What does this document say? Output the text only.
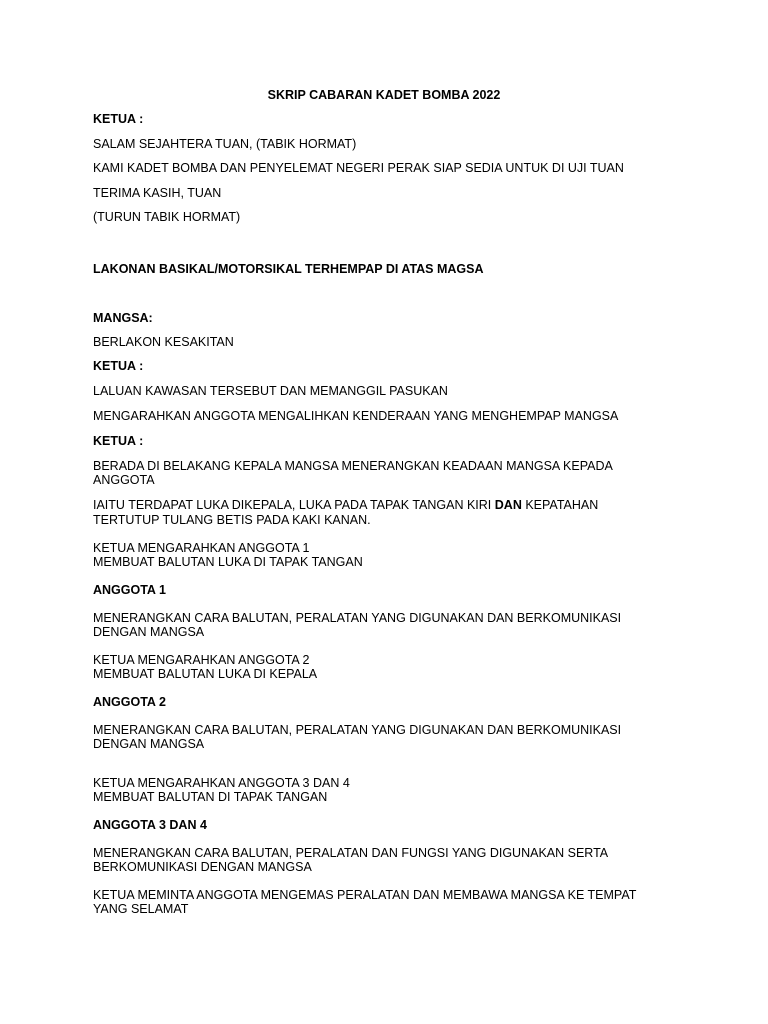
SKRIP CABARAN KADET BOMBA 2022
KETUA :
SALAM SEJAHTERA TUAN, (TABIK HORMAT)
KAMI KADET BOMBA DAN PENYELEMAT NEGERI PERAK SIAP SEDIA UNTUK DI UJI TUAN
TERIMA KASIH, TUAN
(TURUN TABIK HORMAT)
LAKONAN BASIKAL/MOTORSIKAL TERHEMPAP DI ATAS MAGSA
MANGSA:
BERLAKON KESAKITAN
KETUA :
LALUAN KAWASAN TERSEBUT DAN MEMANGGIL PASUKAN
MENGARAHKAN ANGGOTA MENGALIHKAN KENDERAAN YANG MENGHEMPAP MANGSA
KETUA :
BERADA DI BELAKANG KEPALA MANGSA MENERANGKAN KEADAAN MANGSA KEPADA
ANGGOTA
IAITU TERDAPAT LUKA DIKEPALA, LUKA PADA TAPAK TANGAN KIRI DAN KEPATAHAN
TERTUTUP TULANG BETIS PADA KAKI KANAN.
KETUA MENGARAHKAN ANGGOTA 1
MEMBUAT BALUTAN LUKA DI TAPAK TANGAN
ANGGOTA 1
MENERANGKAN CARA BALUTAN, PERALATAN YANG DIGUNAKAN DAN BERKOMUNIKASI
DENGAN MANGSA
KETUA MENGARAHKAN ANGGOTA 2
MEMBUAT BALUTAN LUKA DI KEPALA
ANGGOTA 2
MENERANGKAN CARA BALUTAN, PERALATAN YANG DIGUNAKAN DAN BERKOMUNIKASI
DENGAN MANGSA
KETUA MENGARAHKAN ANGGOTA 3 DAN 4
MEMBUAT BALUTAN DI TAPAK TANGAN
ANGGOTA 3 DAN 4
MENERANGKAN CARA BALUTAN, PERALATAN DAN FUNGSI YANG DIGUNAKAN SERTA
BERKOMUNIKASI DENGAN MANGSA
KETUA MEMINTA ANGGOTA MENGEMAS PERALATAN DAN MEMBAWA MANGSA KE TEMPAT
YANG SELAMAT
